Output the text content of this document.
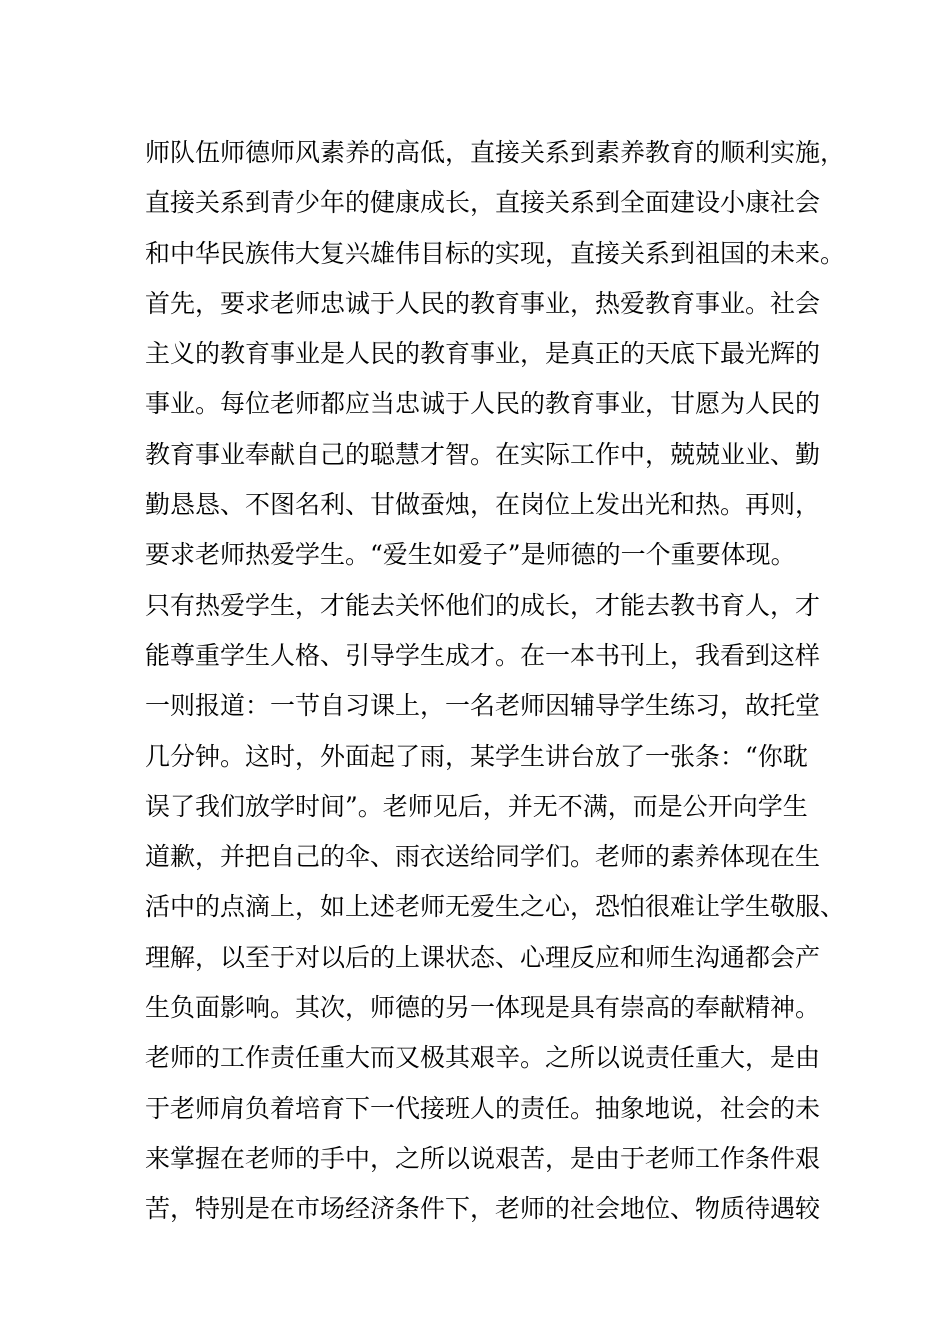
师队伍师德师风素养的高低，直接关系到素养教育的顺利实施，
直接关系到青少年的健康成长，直接关系到全面建设小康社会
和中华民族伟大复兴雄伟目标的实现，直接关系到祖国的未来。
首先，要求老师忠诚于人民的教育事业，热爱教育事业。社会
主义的教育事业是人民的教育事业，是真正的天底下最光辉的
事业。每位老师都应当忠诚于人民的教育事业，甘愿为人民的
教育事业奉献自己的聪慧才智。在实际工作中，兢兢业业、勤
勤恳恳、不图名利、甘做蚕烛，在岗位上发出光和热。再则，
要求老师热爱学生。“爱生如爱子”是师德的一个重要体现。
只有热爱学生，才能去关怀他们的成长，才能去教书育人，才
能尊重学生人格、引导学生成才。在一本书刊上，我看到这样
一则报道：一节自习课上，一名老师因辅导学生练习，故托堂
几分钟。这时，外面起了雨，某学生讲台放了一张条：“你耽
误了我们放学时间”。老师见后，并无不满，而是公开向学生
道歉，并把自己的伞、雨衣送给同学们。老师的素养体现在生
活中的点滴上，如上述老师无爱生之心，恐怕很难让学生敬服、
理解，以至于对以后的上课状态、心理反应和师生沟通都会产
生负面影响。其次，师德的另一体现是具有崇高的奉献精神。
老师的工作责任重大而又极其艰辛。之所以说责任重大，是由
于老师肩负着培育下一代接班人的责任。抽象地说，社会的未
来掌握在老师的手中，之所以说艰苦，是由于老师工作条件艰
苦，特别是在市场经济条件下，老师的社会地位、物质待遇较
